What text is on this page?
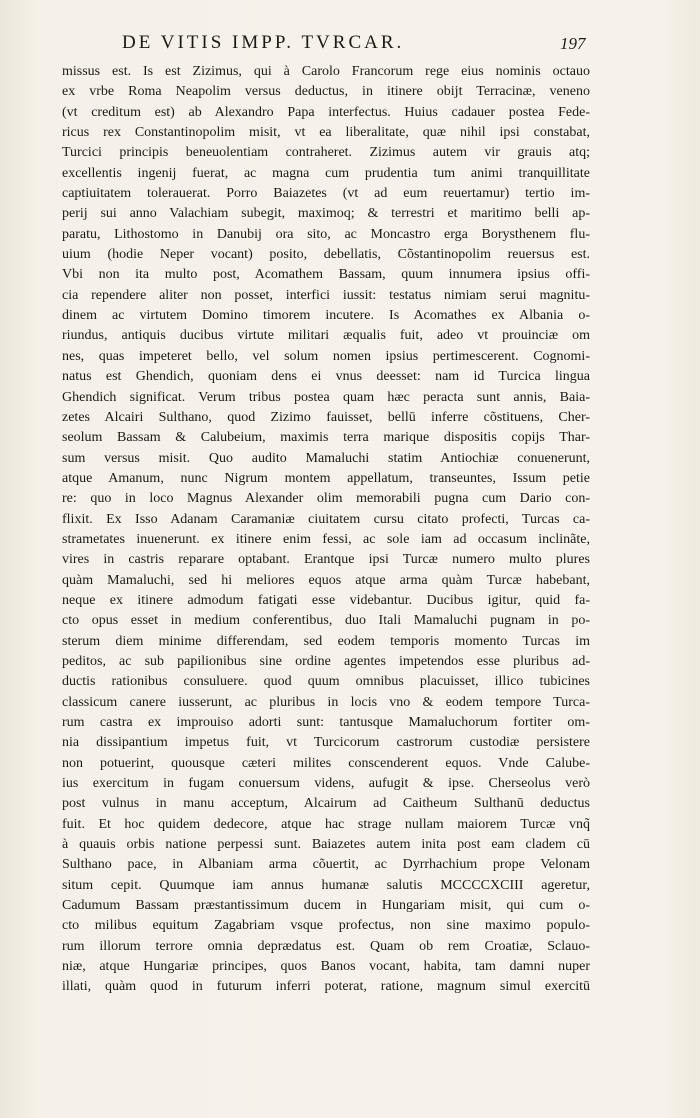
DE VITIS IMPP. TVRCAR.	197
missus est. Is est Zizimus, qui à Carolo Francorum rege eius nominis octauo
ex vrbe Roma Neapolim versus deductus, in itinere obijt Terracinæ, veneno
(vt creditum est) ab Alexandro Papa interfectus. Huius cadauer postea Fede-
ricus rex Constantinopolim misit, vt ea liberalitate, quæ nihil ipsi constabat,
Turcici principis beneuolentiam contraheret. Zizimus autem vir grauis atq;
excellentis ingenij fuerat, ac magna cum prudentia tum animi tranquillitate
captiuitatem tolerauerat. Porro Baiazetes (vt ad eum reuertamur) tertio im-
perij sui anno Valachiam subegit, maximoq; & terrestri et maritimo belli ap-
paratu, Lithostomo in Danubij ora sito, ac Moncastro erga Borysthenem flu-
uium (hodie Neper vocant) posito, debellatis, Cõstantinopolim reuersus est.
Vbi non ita multo post, Acomathem Bassam, quum innumera ipsius offi-
cia rependere aliter non posset, interfici iussit: testatus nimiam serui magnitu-
dinem ac virtutem Domino timorem incutere. Is Acomathes ex Albania o-
riundus, antiquis ducibus virtute militari æqualis fuit, adeo vt prouinciæ om
nes, quas impeteret bello, vel solum nomen ipsius pertimescerent. Cognomi-
natus est Ghendich, quoniam dens ei vnus deesset: nam id Turcica lingua
Ghendich significat. Verum tribus postea quam hæc peracta sunt annis, Baia-
zetes Alcairi Sulthano, quod Zizimo fauisset, bellū inferre cõstituens, Cher-
seolum Bassam & Calubeium, maximis terra marique dispositis copijs Thar-
sum versus misit. Quo audito Mamaluchi statim Antiochiæ conuenerunt,
atque Amanum, nunc Nigrum montem appellatum, transeuntes, Issum petie
re: quo in loco Magnus Alexander olim memorabili pugna cum Dario con-
flixit. Ex Isso Adanam Caramaniæ ciuitatem cursu citato profecti, Turcas ca-
strametates inuenerunt. ex itinere enim fessi, ac sole iam ad occasum inclinãte,
vires in castris reparare optabant. Erantque ipsi Turcæ numero multo plures
quàm Mamaluchi, sed hi meliores equos atque arma quàm Turcæ habebant,
neque ex itinere admodum fatigati esse videbantur. Ducibus igitur, quid fa-
cto opus esset in medium conferentibus, duo Itali Mamaluchi pugnam in po-
sterum diem minime differendam, sed eodem temporis momento Turcas im
peditos, ac sub papilionibus sine ordine agentes impetendos esse pluribus ad-
ductis rationibus consuluere. quod quum omnibus placuisset, illico tubicines
classicum canere iusserunt, ac pluribus in locis vno & eodem tempore Turca-
rum castra ex improuiso adorti sunt: tantusque Mamaluchorum fortiter om-
nia dissipantium impetus fuit, vt Turcicorum castrorum custodiæ persistere
non potuerint, quousque cæteri milites conscenderent equos. Vnde Calube-
ius exercitum in fugam conuersum videns, aufugit & ipse. Cherseolus verò
post vulnus in manu acceptum, Alcairum ad Caitheum Sulthanū deductus
fuit. Et hoc quidem dedecore, atque hac strage nullam maiorem Turcæ vnq̃
à quauis orbis natione perpessi sunt. Baiazetes autem inita post eam cladem cū
Sulthano pace, in Albaniam arma cõuertit, ac Dyrrhachium prope Velonam
situm cepit. Quumque iam annus humanæ salutis MCCCCXCIII ageretur,
Cadumum Bassam præstantissimum ducem in Hungariam misit, qui cum o-
cto milibus equitum Zagabriam vsque profectus, non sine maximo populo-
rum illorum terrore omnia deprædatus est. Quam ob rem Croatiæ, Sclauo-
niæ, atque Hungariæ principes, quos Banos vocant, habita, tam damni nuper
illati, quàm quod in futurum inferri poterat, ratione, magnum simul exercitū
